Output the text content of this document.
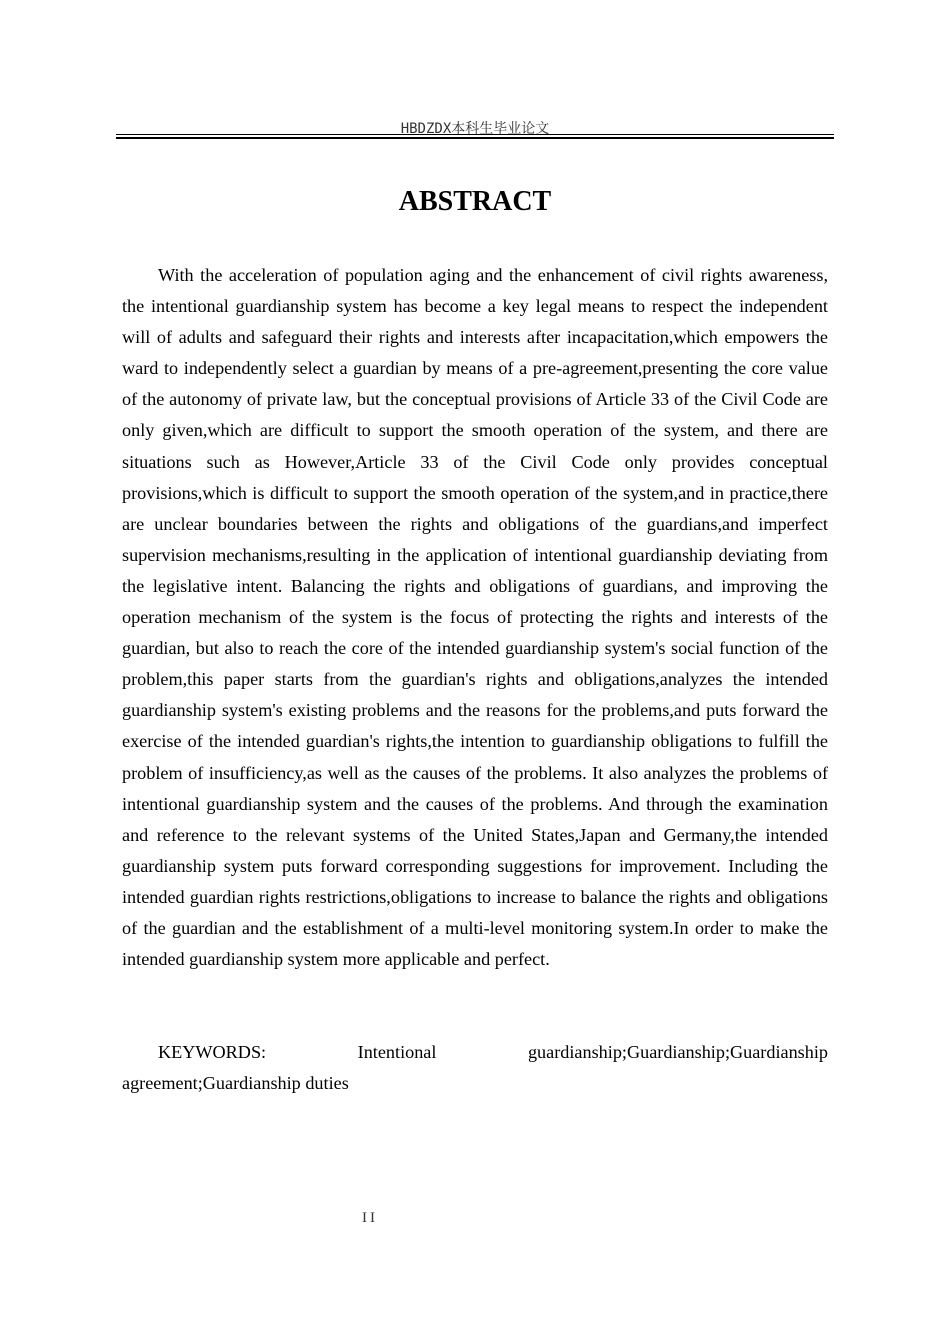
HBDZDX本科生毕业论文
ABSTRACT

With the acceleration of population aging and the enhancement of civil rights awareness, the intentional guardianship system has become a key legal means to respect the independent will of adults and safeguard their rights and interests after incapacitation,which empowers the ward to independently select a guardian by means of a pre-agreement,presenting the core value of the autonomy of private law, but the conceptual provisions of Article 33 of the Civil Code are only given,which are difficult to support the smooth operation of the system, and there are situations such as However,Article 33 of the Civil Code only provides conceptual provisions,which is difficult to support the smooth operation of the system,and in practice,there are unclear boundaries between the rights and obligations of the guardians,and imperfect supervision mechanisms,resulting in the application of intentional guardianship deviating from the legislative intent. Balancing the rights and obligations of guardians, and improving the operation mechanism of the system is the focus of protecting the rights and interests of the guardian, but also to reach the core of the intended guardianship system's social function of the problem,this paper starts from the guardian's rights and obligations,analyzes the intended guardianship system's existing problems and the reasons for the problems,and puts forward the exercise of the intended guardian's rights,the intention to guardianship obligations to fulfill the problem of insufficiency,as well as the causes of the problems. It also analyzes the problems of intentional guardianship system and the causes of the problems. And through the examination and reference to the relevant systems of the United States,Japan and Germany,the intended guardianship system puts forward corresponding suggestions for improvement. Including the intended guardian rights restrictions,obligations to increase to balance the rights and obligations of the guardian and the establishment of a multi-level monitoring system.In order to make the intended guardianship system more applicable and perfect.

KEYWORDS:        Intentional        guardianship;Guardianship;Guardianship agreement;Guardianship duties

II
